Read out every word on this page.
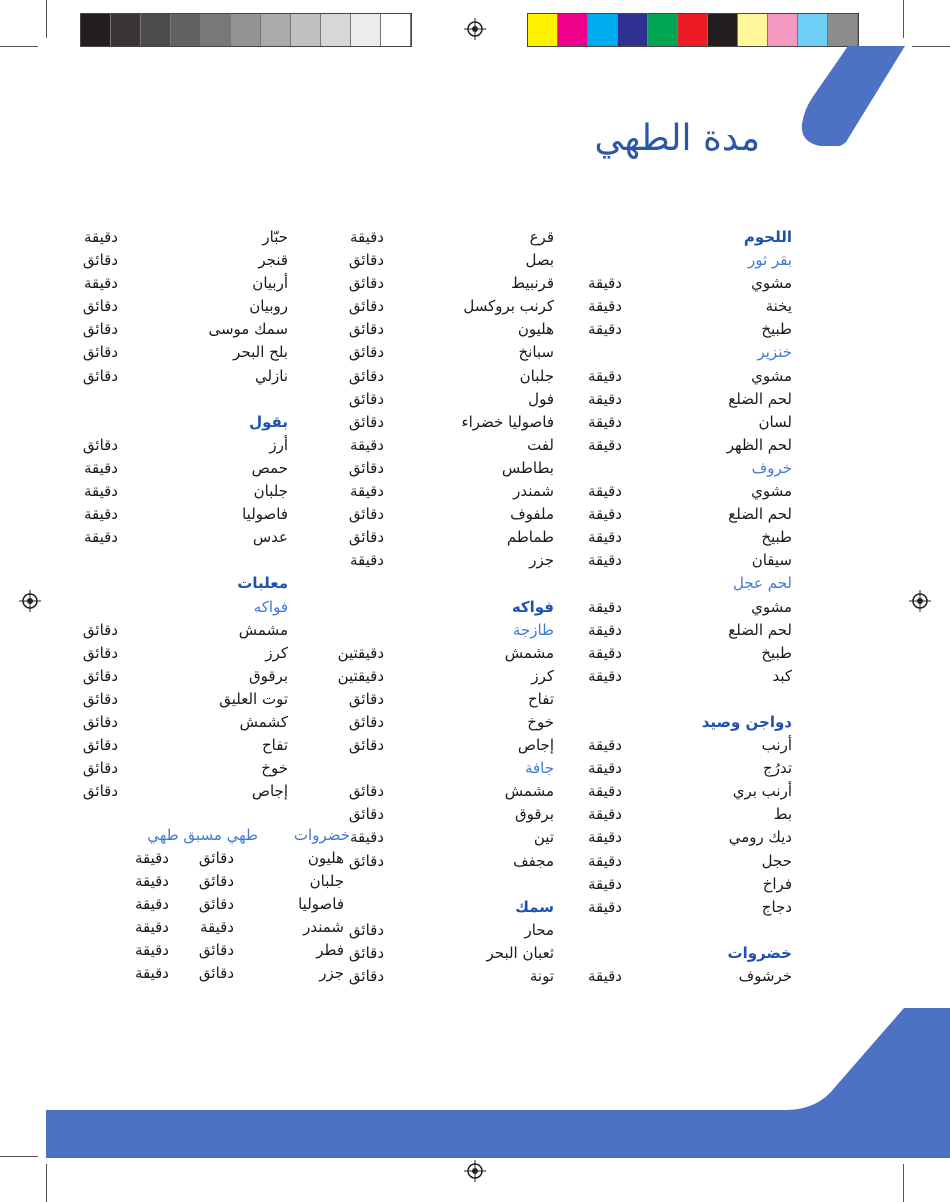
مدة الطهي
اللحوم
بقر ثور
مشوي
دقيقة
يخنة
دقيقة
طبيخ
دقيقة
خنزير
مشوي
دقيقة
لحم الضلع
دقيقة
لسان
دقيقة
لحم الظهر
دقيقة
خروف
مشوي
دقيقة
لحم الضلع
دقيقة
طبيخ
دقيقة
سيقان
دقيقة
لحم عجل
مشوي
دقيقة
لحم الضلع
دقيقة
طبيخ
دقيقة
كبد
دقيقة
دواجن وصيد
أرنب
دقيقة
تدرُج
دقيقة
أرنب بري
دقيقة
بط
دقيقة
ديك رومي
دقيقة
حجل
دقيقة
فراخ
دقيقة
دجاج
دقيقة
خضروات
خرشوف
دقيقة
قرع
دقيقة
بصل
دقائق
قرنبيط
دقائق
كرنب بروكسل
دقائق
هليون
دقائق
سبانخ
دقائق
جلبان
دقائق
فول
دقائق
فاصوليا خضراء
دقائق
لفت
دقيقة
بطاطس
دقائق
شمندر
دقيقة
ملفوف
دقائق
طماطم
دقائق
جزر
دقيقة
فواكه
طازجة
مشمش
دقيقتين
كرز
دقيقتين
تفاح
دقائق
خوخ
دقائق
إجاص
دقائق
جافة
مشمش
دقائق
برقوق
دقائق
تين
دقيقة
مجفف
دقائق
سمك
محار
دقائق
ثعبان البحر
دقائق
تونة
دقائق
حبّار
دقيقة
قنجر
دقائق
أربيان
دقيقة
روبيان
دقائق
سمك موسى
دقائق
بلح البحر
دقائق
نازلي
دقائق
بقول
أرز
دقائق
حمص
دقيقة
جلبان
دقيقة
فاصوليا
دقيقة
عدس
دقيقة
معلبات
فواكه
مشمش
دقائق
كرز
دقائق
برقوق
دقائق
توت العليق
دقائق
كشمش
دقائق
تفاح
دقائق
خوخ
دقائق
إجاص
دقائق
خضروات
طهي مسبق طهي
هليون
دقائق
دقيقة
جلبان
دقائق
دقيقة
فاصوليا
دقائق
دقيقة
شمندر
دقيقة
دقيقة
فطر
دقائق
دقيقة
جزر
دقائق
دقيقة
